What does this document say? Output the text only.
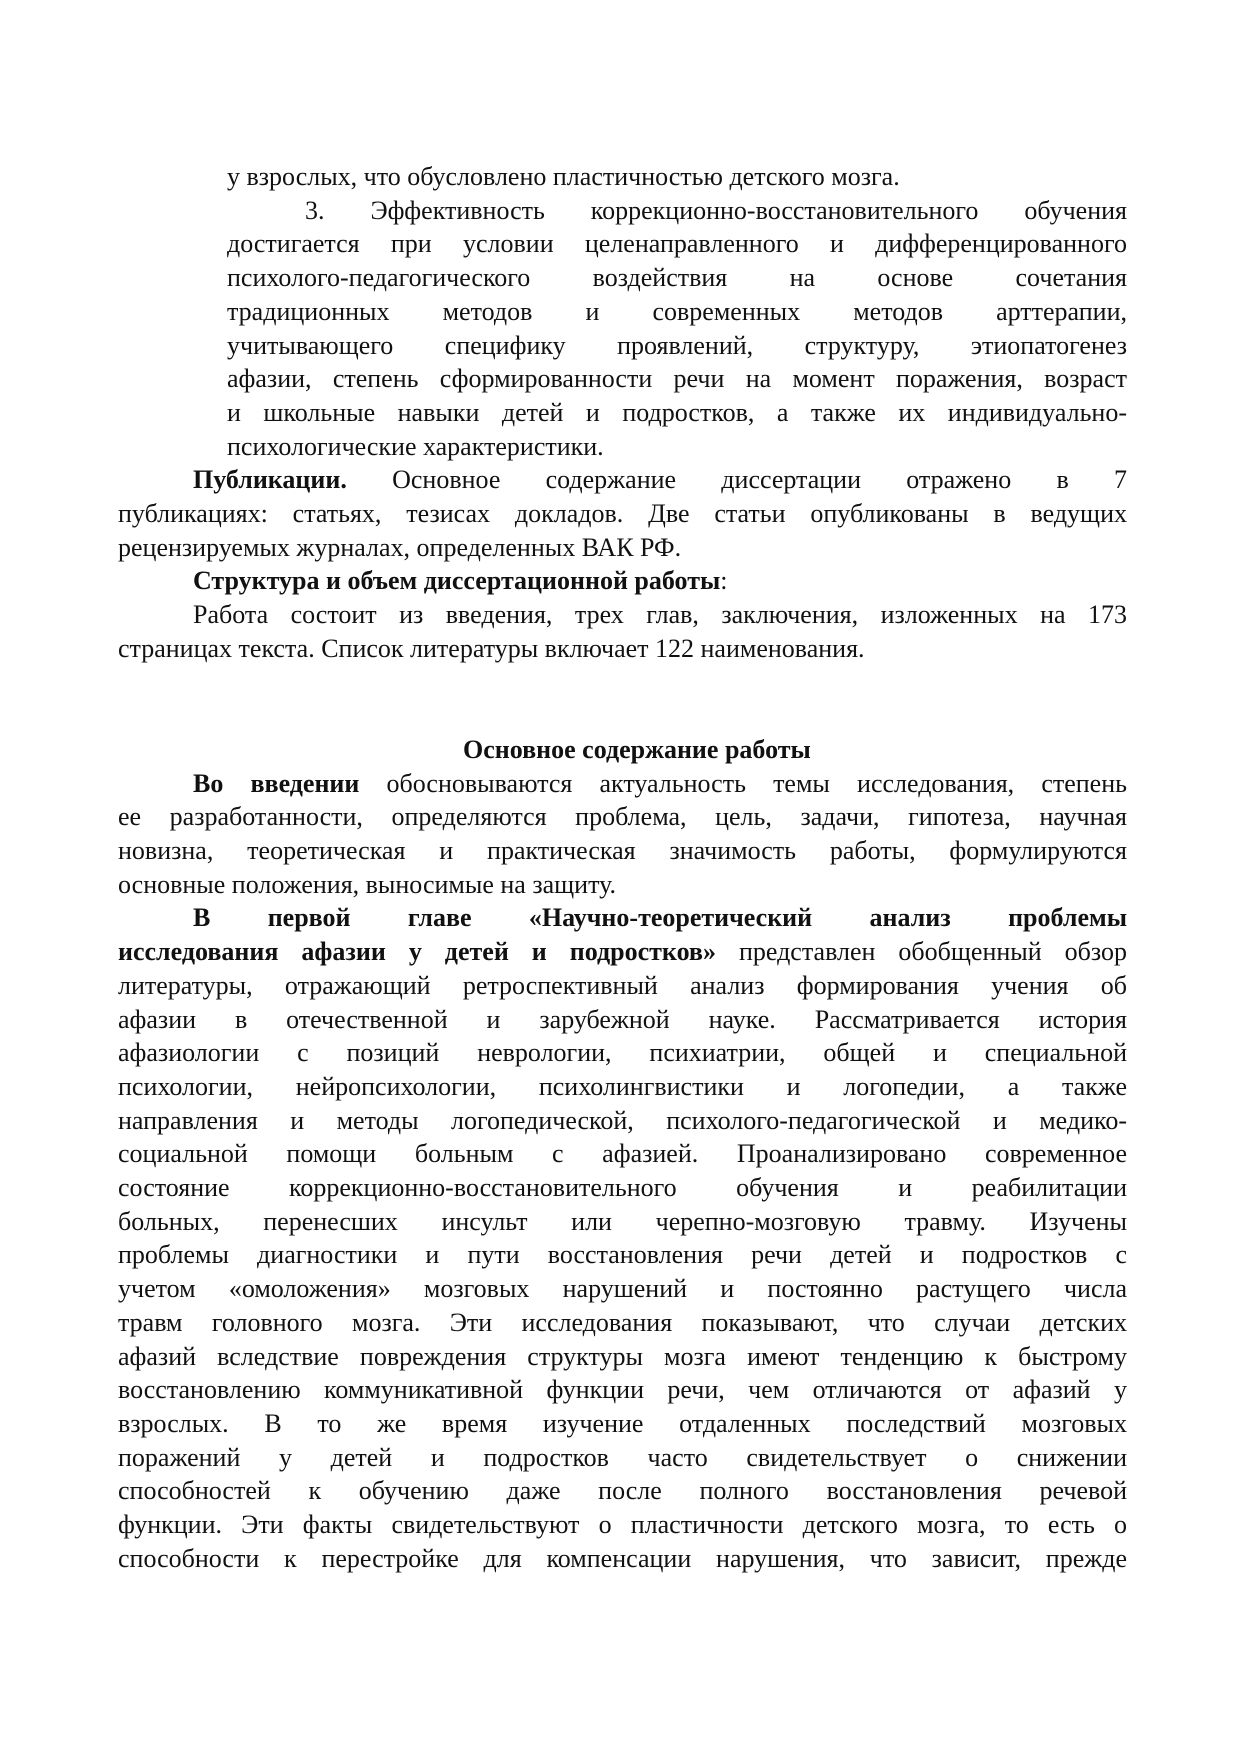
у взрослых, что обусловлено пластичностью детского мозга.
3. Эффективность коррекционно-восстановительного обучения
достигается при условии целенаправленного и дифференцированного
психолого-педагогического воздействия на основе сочетания
традиционных методов и современных методов арттерапии,
учитывающего специфику проявлений, структуру, этиопатогенез
афазии, степень сформированности речи на момент поражения, возраст
и школьные навыки детей и подростков, а также их индивидуально-
психологические характеристики.
Публикации. Основное содержание диссертации отражено в 7
публикациях: статьях, тезисах докладов. Две статьи опубликованы в ведущих
рецензируемых журналах, определенных ВАК РФ.
Структура и объем диссертационной работы:
Работа состоит из введения, трех глав, заключения, изложенных на 173
страницах текста. Список литературы включает 122 наименования.
Основное содержание работы
Во введении обосновываются актуальность темы исследования, степень
ее разработанности, определяются проблема, цель, задачи, гипотеза, научная
новизна, теоретическая и практическая значимость работы, формулируются
основные положения, выносимые на защиту.
В первой главе «Научно-теоретический анализ проблемы
исследования афазии у детей и подростков» представлен обобщенный обзор
литературы, отражающий ретроспективный анализ формирования учения об
афазии в отечественной и зарубежной науке. Рассматривается история
афазиологии с позиций неврологии, психиатрии, общей и специальной
психологии, нейропсихологии, психолингвистики и логопедии, а также
направления и методы логопедической, психолого-педагогической и медико-
социальной помощи больным с афазией. Проанализировано современное
состояние коррекционно-восстановительного обучения и реабилитации
больных, перенесших инсульт или черепно-мозговую травму. Изучены
проблемы диагностики и пути восстановления речи детей и подростков с
учетом «омоложения» мозговых нарушений и постоянно растущего числа
травм головного мозга. Эти исследования показывают, что случаи детских
афазий вследствие повреждения структуры мозга имеют тенденцию к быстрому
восстановлению коммуникативной функции речи, чем отличаются от афазий у
взрослых. В то же время изучение отдаленных последствий мозговых
поражений у детей и подростков часто свидетельствует о снижении
способностей к обучению даже после полного восстановления речевой
функции. Эти факты свидетельствуют о пластичности детского мозга, то есть о
способности к перестройке для компенсации нарушения, что зависит, прежде
